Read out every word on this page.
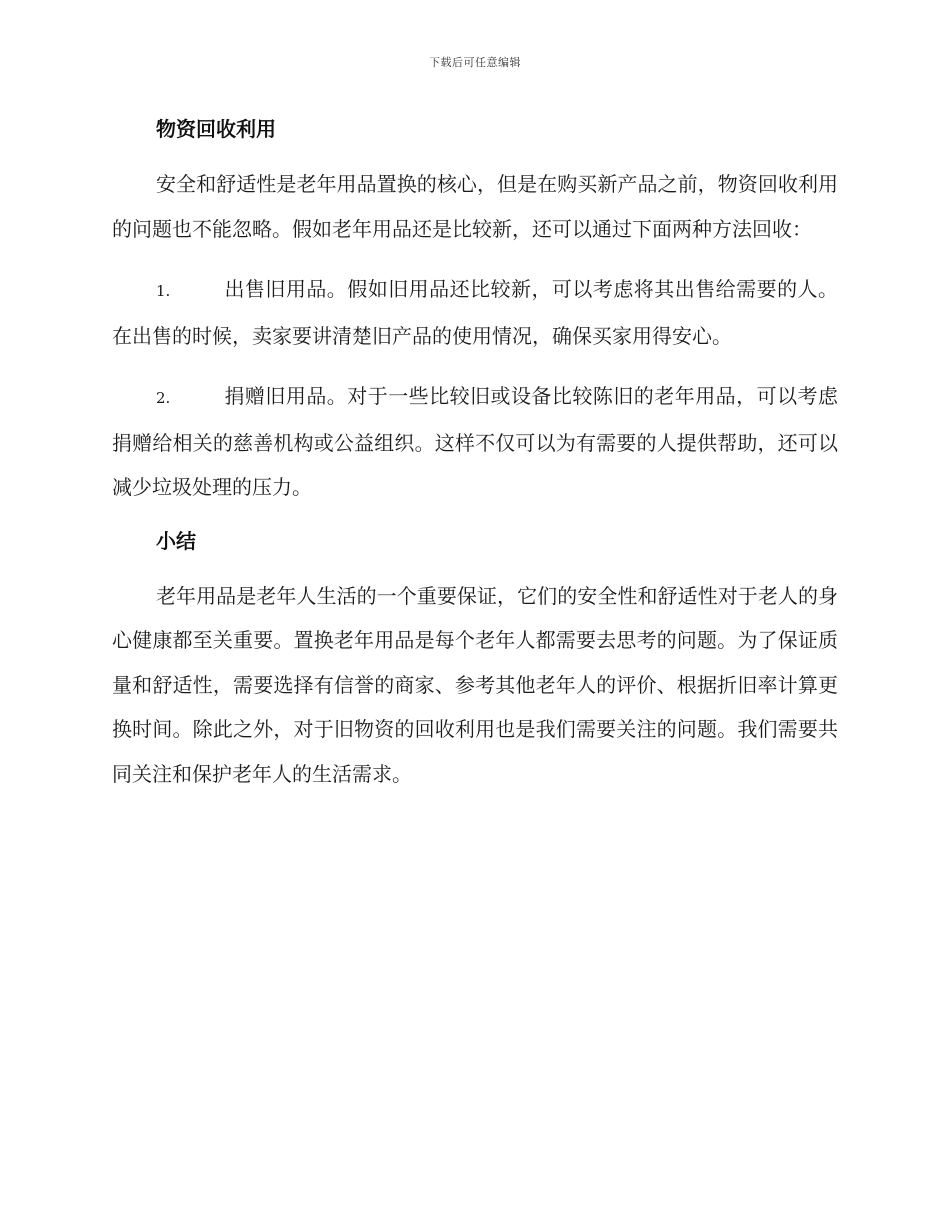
下载后可任意编辑
物资回收利用

安全和舒适性是老年用品置换的核心，但是在购买新产品之前，物资回收利用的问题也不能忽略。假如老年用品还是比较新，还可以通过下面两种方法回收：

1.	出售旧用品。假如旧用品还比较新，可以考虑将其出售给需要的人。在出售的时候，卖家要讲清楚旧产品的使用情况，确保买家用得安心。

2.	捐赠旧用品。对于一些比较旧或设备比较陈旧的老年用品，可以考虑捐赠给相关的慈善机构或公益组织。这样不仅可以为有需要的人提供帮助，还可以减少垃圾处理的压力。

小结

老年用品是老年人生活的一个重要保证，它们的安全性和舒适性对于老人的身心健康都至关重要。置换老年用品是每个老年人都需要去思考的问题。为了保证质量和舒适性，需要选择有信誉的商家、参考其他老年人的评价、根据折旧率计算更换时间。除此之外，对于旧物资的回收利用也是我们需要关注的问题。我们需要共同关注和保护老年人的生活需求。
